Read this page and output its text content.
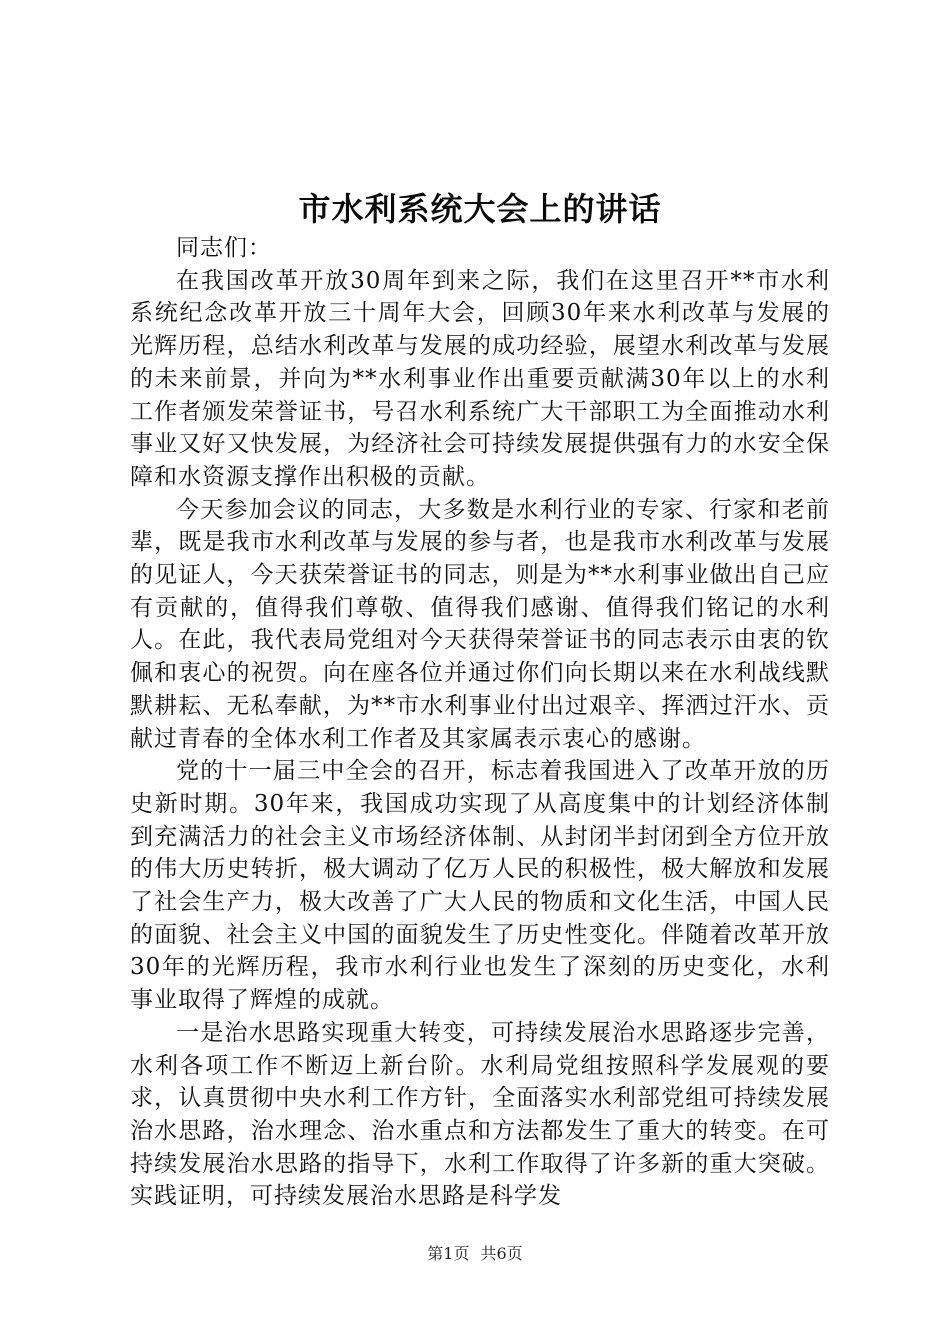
市水利系统大会上的讲话

同志们：

在我国改革开放30周年到来之际，我们在这里召开**市水利系统纪念改革开放三十周年大会，回顾30年来水利改革与发展的光辉历程，总结水利改革与发展的成功经验，展望水利改革与发展的未来前景，并向为**水利事业作出重要贡献满30年以上的水利工作者颁发荣誉证书，号召水利系统广大干部职工为全面推动水利事业又好又快发展，为经济社会可持续发展提供强有力的水安全保障和水资源支撑作出积极的贡献。

今天参加会议的同志，大多数是水利行业的专家、行家和老前辈，既是我市水利改革与发展的参与者，也是我市水利改革与发展的见证人，今天获荣誉证书的同志，则是为**水利事业做出自己应有贡献的，值得我们尊敬、值得我们感谢、值得我们铭记的水利人。在此，我代表局党组对今天获得荣誉证书的同志表示由衷的钦佩和衷心的祝贺。向在座各位并通过你们向长期以来在水利战线默默耕耘、无私奉献，为**市水利事业付出过艰辛、挥洒过汗水、贡献过青春的全体水利工作者及其家属表示衷心的感谢。

党的十一届三中全会的召开，标志着我国进入了改革开放的历史新时期。30年来，我国成功实现了从高度集中的计划经济体制到充满活力的社会主义市场经济体制、从封闭半封闭到全方位开放的伟大历史转折，极大调动了亿万人民的积极性，极大解放和发展了社会生产力，极大改善了广大人民的物质和文化生活，中国人民的面貌、社会主义中国的面貌发生了历史性变化。伴随着改革开放30年的光辉历程，我市水利行业也发生了深刻的历史变化，水利事业取得了辉煌的成就。

一是治水思路实现重大转变，可持续发展治水思路逐步完善，水利各项工作不断迈上新台阶。水利局党组按照科学发展观的要求，认真贯彻中央水利工作方针，全面落实水利部党组可持续发展治水思路，治水理念、治水重点和方法都发生了重大的转变。在可持续发展治水思路的指导下，水利工作取得了许多新的重大突破。实践证明，可持续发展治水思路是科学发

第1页 共6页
